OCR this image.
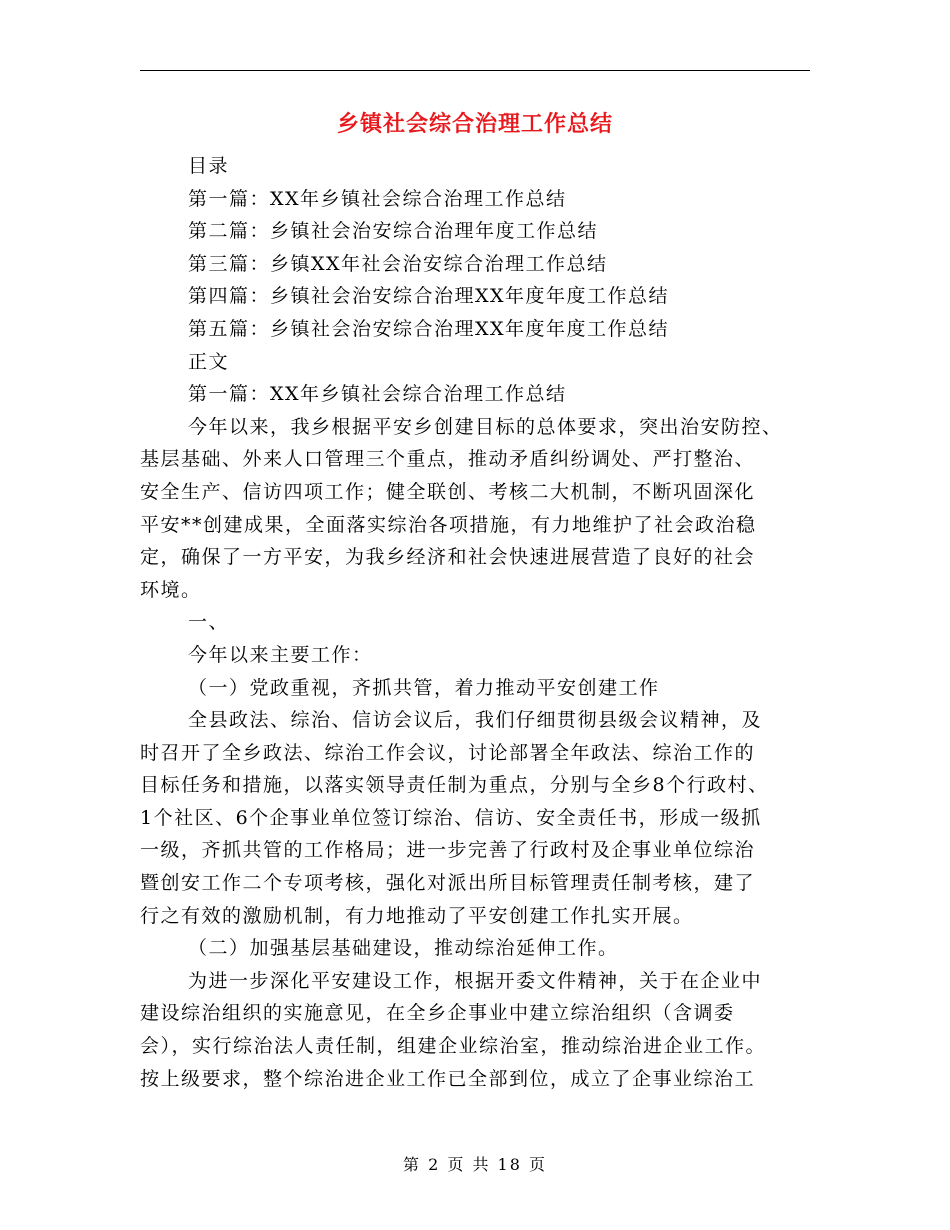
乡镇社会综合治理工作总结
目录
第一篇：XX年乡镇社会综合治理工作总结
第二篇：乡镇社会治安综合治理年度工作总结
第三篇：乡镇XX年社会治安综合治理工作总结
第四篇：乡镇社会治安综合治理XX年度年度工作总结
第五篇：乡镇社会治安综合治理XX年度年度工作总结
正文
第一篇：XX年乡镇社会综合治理工作总结
今年以来，我乡根据平安乡创建目标的总体要求，突出治安防控、
基层基础、外来人口管理三个重点，推动矛盾纠纷调处、严打整治、
安全生产、信访四项工作；健全联创、考核二大机制，不断巩固深化
平安**创建成果，全面落实综治各项措施，有力地维护了社会政治稳
定，确保了一方平安，为我乡经济和社会快速进展营造了良好的社会
环境。
一、
今年以来主要工作：
（一）党政重视，齐抓共管，着力推动平安创建工作
全县政法、综治、信访会议后，我们仔细贯彻县级会议精神，及
时召开了全乡政法、综治工作会议，讨论部署全年政法、综治工作的
目标任务和措施，以落实领导责任制为重点，分别与全乡8个行政村、
1个社区、6个企事业单位签订综治、信访、安全责任书，形成一级抓
一级，齐抓共管的工作格局；进一步完善了行政村及企事业单位综治
暨创安工作二个专项考核，强化对派出所目标管理责任制考核，建了
行之有效的激励机制，有力地推动了平安创建工作扎实开展。
（二）加强基层基础建设，推动综治延伸工作。
为进一步深化平安建设工作，根据开委文件精神，关于在企业中
建设综治组织的实施意见，在全乡企事业中建立综治组织（含调委
会），实行综治法人责任制，组建企业综治室，推动综治进企业工作。
按上级要求，整个综治进企业工作已全部到位，成立了企事业综治工
第 2 页 共 18 页
